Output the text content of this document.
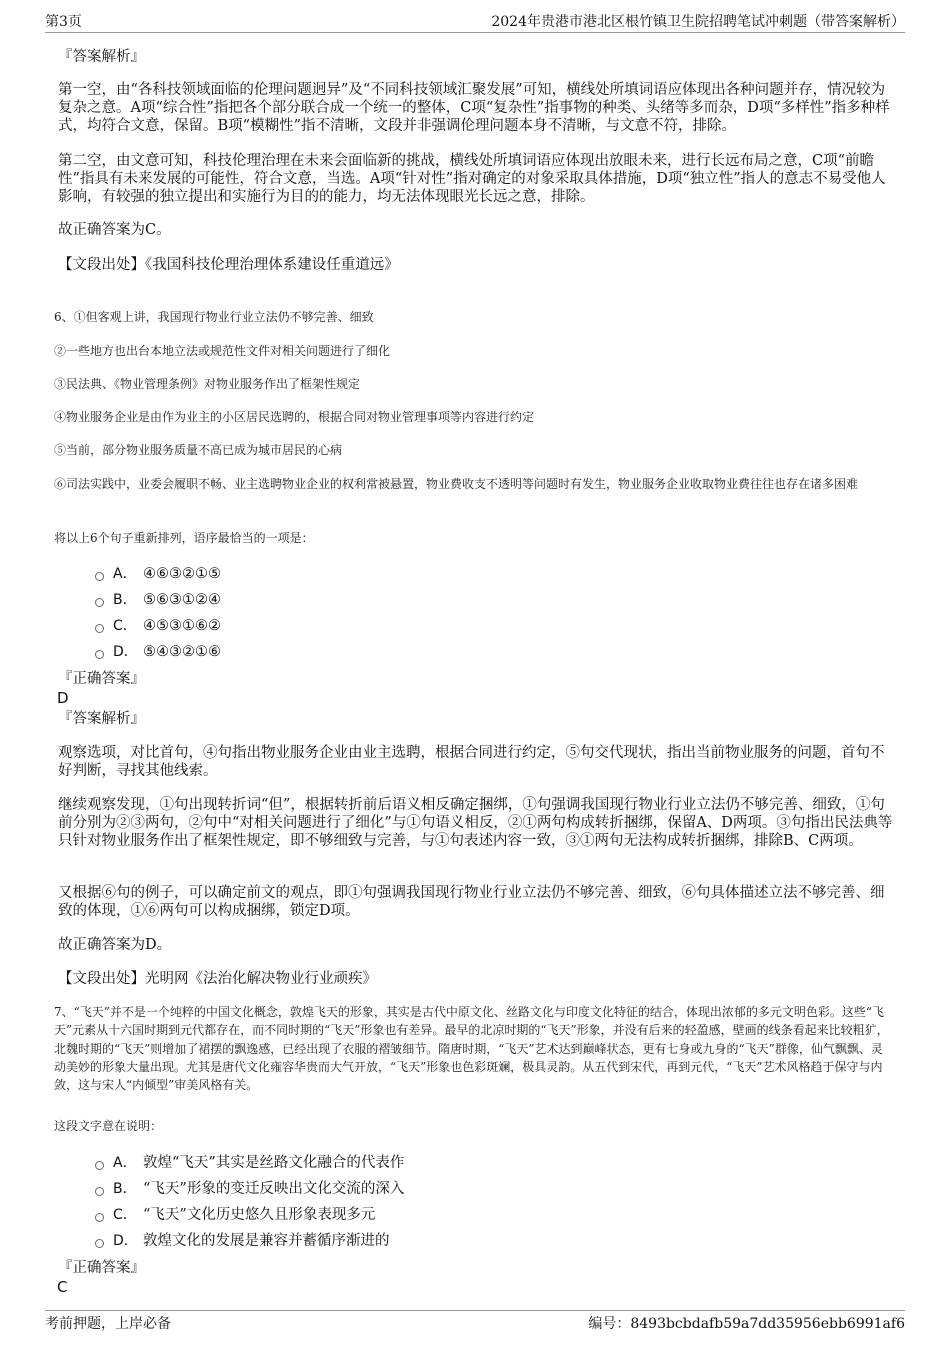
第3页	2024年贵港市港北区根竹镇卫生院招聘笔试冲刺题（带答案解析）
『答案解析』
第一空，由“各科技领域面临的伦理问题迥异”及“不同科技领域汇聚发展”可知，横线处所填词语应体现出各种问题并存，情况较为复杂之意。A项“综合性”指把各个部分联合成一个统一的整体，C项“复杂性”指事物的种类、头绪等多而杂，D项“多样性”指多种样式，均符合文意，保留。B项“模糊性”指不清晰，文段并非强调伦理问题本身不清晰，与文意不符，排除。
第二空，由文意可知，科技伦理治理在未来会面临新的挑战，横线处所填词语应体现出放眼未来，进行长远布局之意，C项“前瞻性”指具有未来发展的可能性，符合文意，当选。A项“针对性”指对确定的对象采取具体措施，D项“独立性”指人的意志不易受他人影响，有较强的独立提出和实施行为目的的能力，均无法体现眼光长远之意，排除。
故正确答案为C。
【文段出处】《我国科技伦理治理体系建设任重道远》
6、①但客观上讲，我国现行物业行业立法仍不够完善、细致
②一些地方也出台本地立法或规范性文件对相关问题进行了细化
③民法典、《物业管理条例》对物业服务作出了框架性规定
④物业服务企业是由作为业主的小区居民选聘的，根据合同对物业管理事项等内容进行约定
⑤当前，部分物业服务质量不高已成为城市居民的心病
⑥司法实践中，业委会履职不畅、业主选聘物业企业的权利常被悬置，物业费收支不透明等问题时有发生，物业服务企业收取物业费往往也存在诸多困难
将以上6个句子重新排列，语序最恰当的一项是：
A． ④⑥③②①⑤
B． ⑤⑥③①②④
C． ④⑤③①⑥②
D． ⑤④③②①⑥
『正确答案』
D
『答案解析』
观察选项，对比首句，④句指出物业服务企业由业主选聘，根据合同进行约定，⑤句交代现状，指出当前物业服务的问题，首句不好判断，寻找其他线索。
继续观察发现，①句出现转折词“但”，根据转折前后语义相反确定捆绑，①句强调我国现行物业行业立法仍不够完善、细致，①句前分别为②③两句，②句中“对相关问题进行了细化”与①句语义相反，②①两句构成转折捆绑，保留A、D两项。③句指出民法典等只针对物业服务作出了框架性规定，即不够细致与完善，与①句表述内容一致，③①两句无法构成转折捆绑，排除B、C两项。
又根据⑥句的例子，可以确定前文的观点，即①句强调我国现行物业行业立法仍不够完善、细致，⑥句具体描述立法不够完善、细致的体现，①⑥两句可以构成捆绑，锁定D项。
故正确答案为D。
【文段出处】光明网《法治化解决物业行业顽疾》
7、“飞天”并不是一个纯粹的中国文化概念，敦煌飞天的形象，其实是古代中原文化、丝路文化与印度文化特征的结合，体现出浓郁的多元文明色彩。这些“飞天”元素从十六国时期到元代都存在，而不同时期的“飞天”形象也有差异。最早的北凉时期的“飞天”形象，并没有后来的轻盈感，壁画的线条看起来比较粗犷，北魏时期的“飞天”则增加了裙摆的飘逸感，已经出现了衣服的褶皱细节。隋唐时期，“飞天”艺术达到巅峰状态，更有七身或九身的“飞天”群像，仙气飘飘、灵动美妙的形象大量出现。尤其是唐代文化雍容华贵而大气开放，“飞天”形象也色彩斑斓，极具灵韵。从五代到宋代，再到元代，“飞天”艺术风格趋于保守与内敛，这与宋人“内倾型”审美风格有关。
这段文字意在说明：
A． 敦煌“飞天”其实是丝路文化融合的代表作
B． “飞天”形象的变迁反映出文化交流的深入
C． “飞天”文化历史悠久且形象表现多元
D． 敦煌文化的发展是兼容并蓄循序渐进的
『正确答案』
C
考前押题，上岸必备	编号：8493bcbdafb59a7dd35956ebb6991af6
